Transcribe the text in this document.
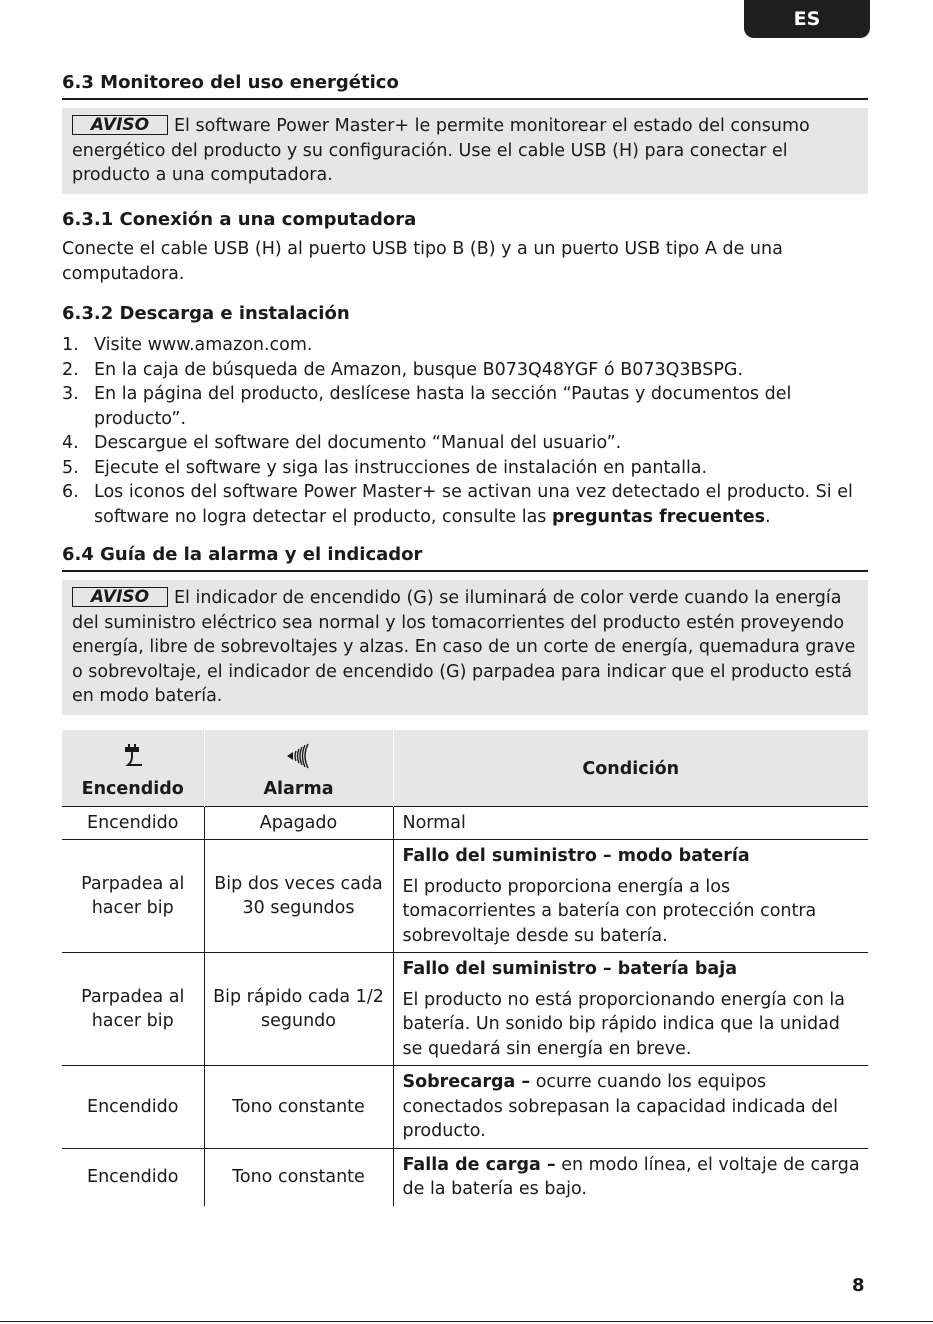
ES
6.3 Monitoreo del uso energético
AVISO El software Power Master+ le permite monitorear el estado del consumo energético del producto y su configuración. Use el cable USB (H) para conectar el producto a una computadora.
6.3.1 Conexión a una computadora
Conecte el cable USB (H) al puerto USB tipo B (B) y a un puerto USB tipo A de una computadora.
6.3.2 Descarga e instalación
1. Visite www.amazon.com.
2. En la caja de búsqueda de Amazon, busque B073Q48YGF ó B073Q3BSPG.
3. En la página del producto, deslícese hasta la sección “Pautas y documentos del producto”.
4. Descargue el software del documento “Manual del usuario”.
5. Ejecute el software y siga las instrucciones de instalación en pantalla.
6. Los iconos del software Power Master+ se activan una vez detectado el producto. Si el software no logra detectar el producto, consulte las preguntas frecuentes.
6.4 Guía de la alarma y el indicador
AVISO El indicador de encendido (G) se iluminará de color verde cuando la energía del suministro eléctrico sea normal y los tomacorrientes del producto estén proveyendo energía, libre de sobrevoltajes y alzas. En caso de un corte de energía, quemadura grave o sobrevoltaje, el indicador de encendido (G) parpadea para indicar que el producto está en modo batería.
Encendido	Alarma	Condición
Encendido	Apagado	Normal
Parpadea al hacer bip	Bip dos veces cada 30 segundos	Fallo del suministro – modo batería
El producto proporciona energía a los tomacorrientes a batería con protección contra sobrevoltaje desde su batería.

Parpadea al hacer bip	Bip rápido cada 1/2 segundo	Fallo del suministro – batería baja
El producto no está proporcionando energía con la batería. Un sonido bip rápido indica que la unidad se quedará sin energía en breve.

Encendido	Tono constante	Sobrecarga – ocurre cuando los equipos conectados sobrepasan la capacidad indicada del producto.
Encendido	Tono constante	Falla de carga – en modo línea, el voltaje de carga de la batería es bajo.
8
